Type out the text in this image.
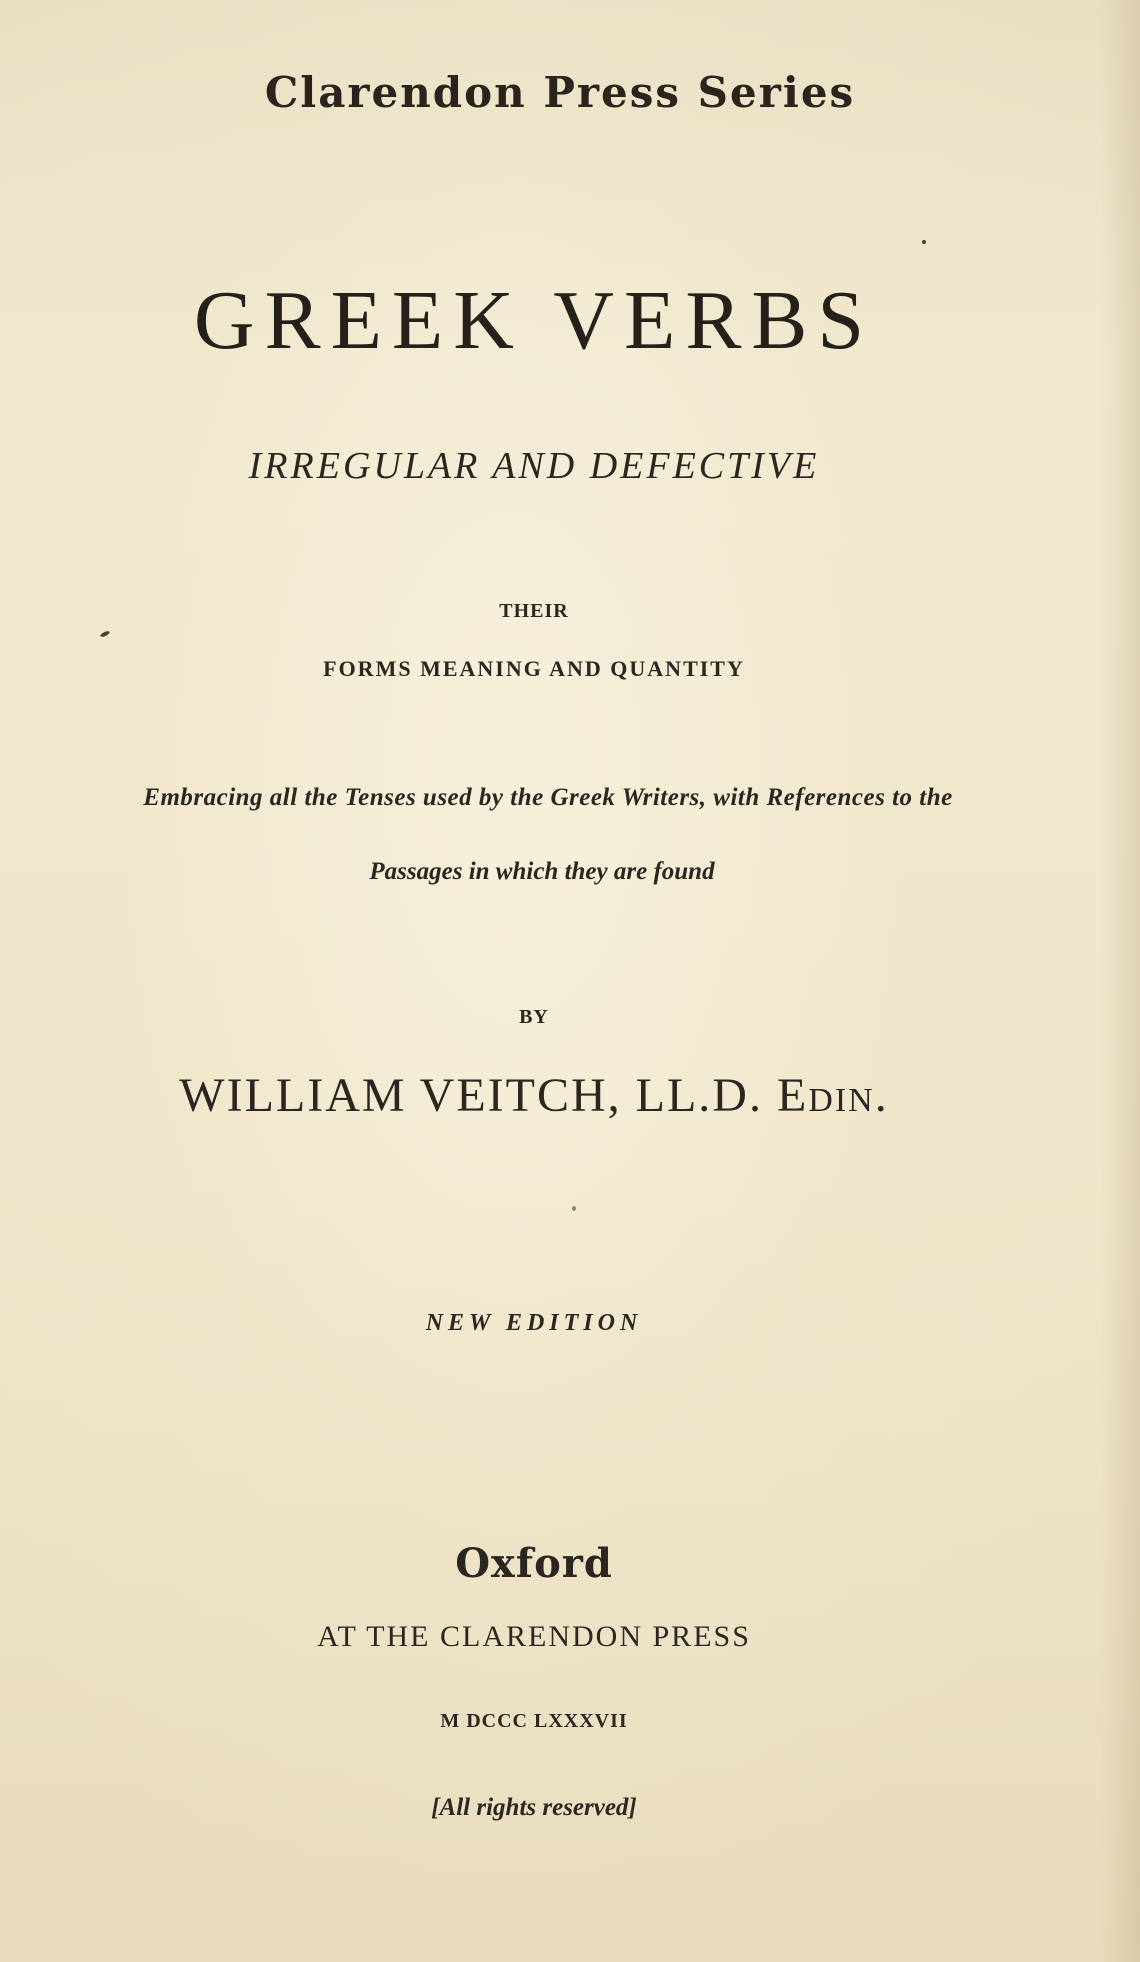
Clarendon Press Series

GREEK VERBS

IRREGULAR AND DEFECTIVE

THEIR

FORMS MEANING AND QUANTITY

Embracing all the Tenses used by the Greek Writers, with References to the

Passages in which they are found

BY

WILLIAM VEITCH, LL.D. Edin.

NEW EDITION

Oxford

AT THE CLARENDON PRESS

M DCCC LXXXVII

[All rights reserved]
